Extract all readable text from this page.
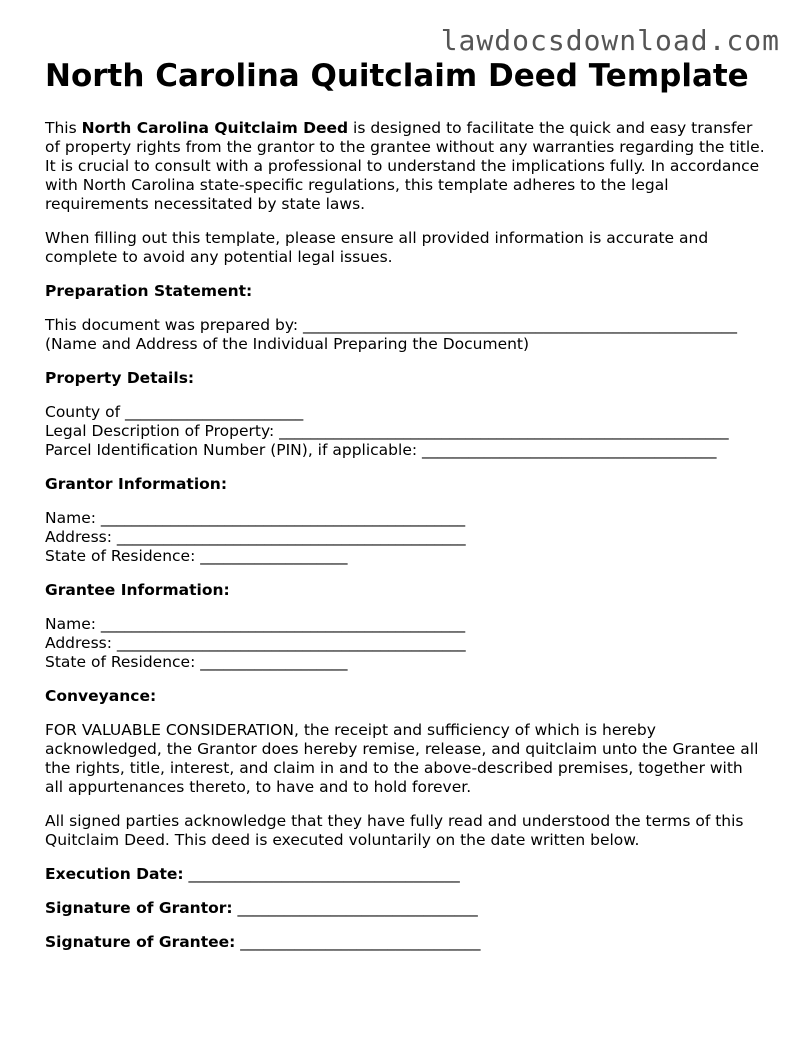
lawdocsdownload.com
North Carolina Quitclaim Deed Template

This North Carolina Quitclaim Deed is designed to facilitate the quick and easy transfer of property rights from the grantor to the grantee without any warranties regarding the title. It is crucial to consult with a professional to understand the implications fully. In accordance with North Carolina state-specific regulations, this template adheres to the legal requirements necessitated by state laws.

When filling out this template, please ensure all provided information is accurate and complete to avoid any potential legal issues.

Preparation Statement:

This document was prepared by: ________________________________________________________
(Name and Address of the Individual Preparing the Document)

Property Details:

County of _______________________
Legal Description of Property: __________________________________________________________
Parcel Identification Number (PIN), if applicable: ______________________________________

Grantor Information:

Name: _______________________________________________
Address: _____________________________________________
State of Residence: ___________________

Grantee Information:

Name: _______________________________________________
Address: _____________________________________________
State of Residence: ___________________

Conveyance:

FOR VALUABLE CONSIDERATION, the receipt and sufficiency of which is hereby acknowledged, the Grantor does hereby remise, release, and quitclaim unto the Grantee all the rights, title, interest, and claim in and to the above-described premises, together with all appurtenances thereto, to have and to hold forever.

All signed parties acknowledge that they have fully read and understood the terms of this Quitclaim Deed. This deed is executed voluntarily on the date written below.

Execution Date: ___________________________________
Signature of Grantor: _______________________________
Signature of Grantee: _______________________________
